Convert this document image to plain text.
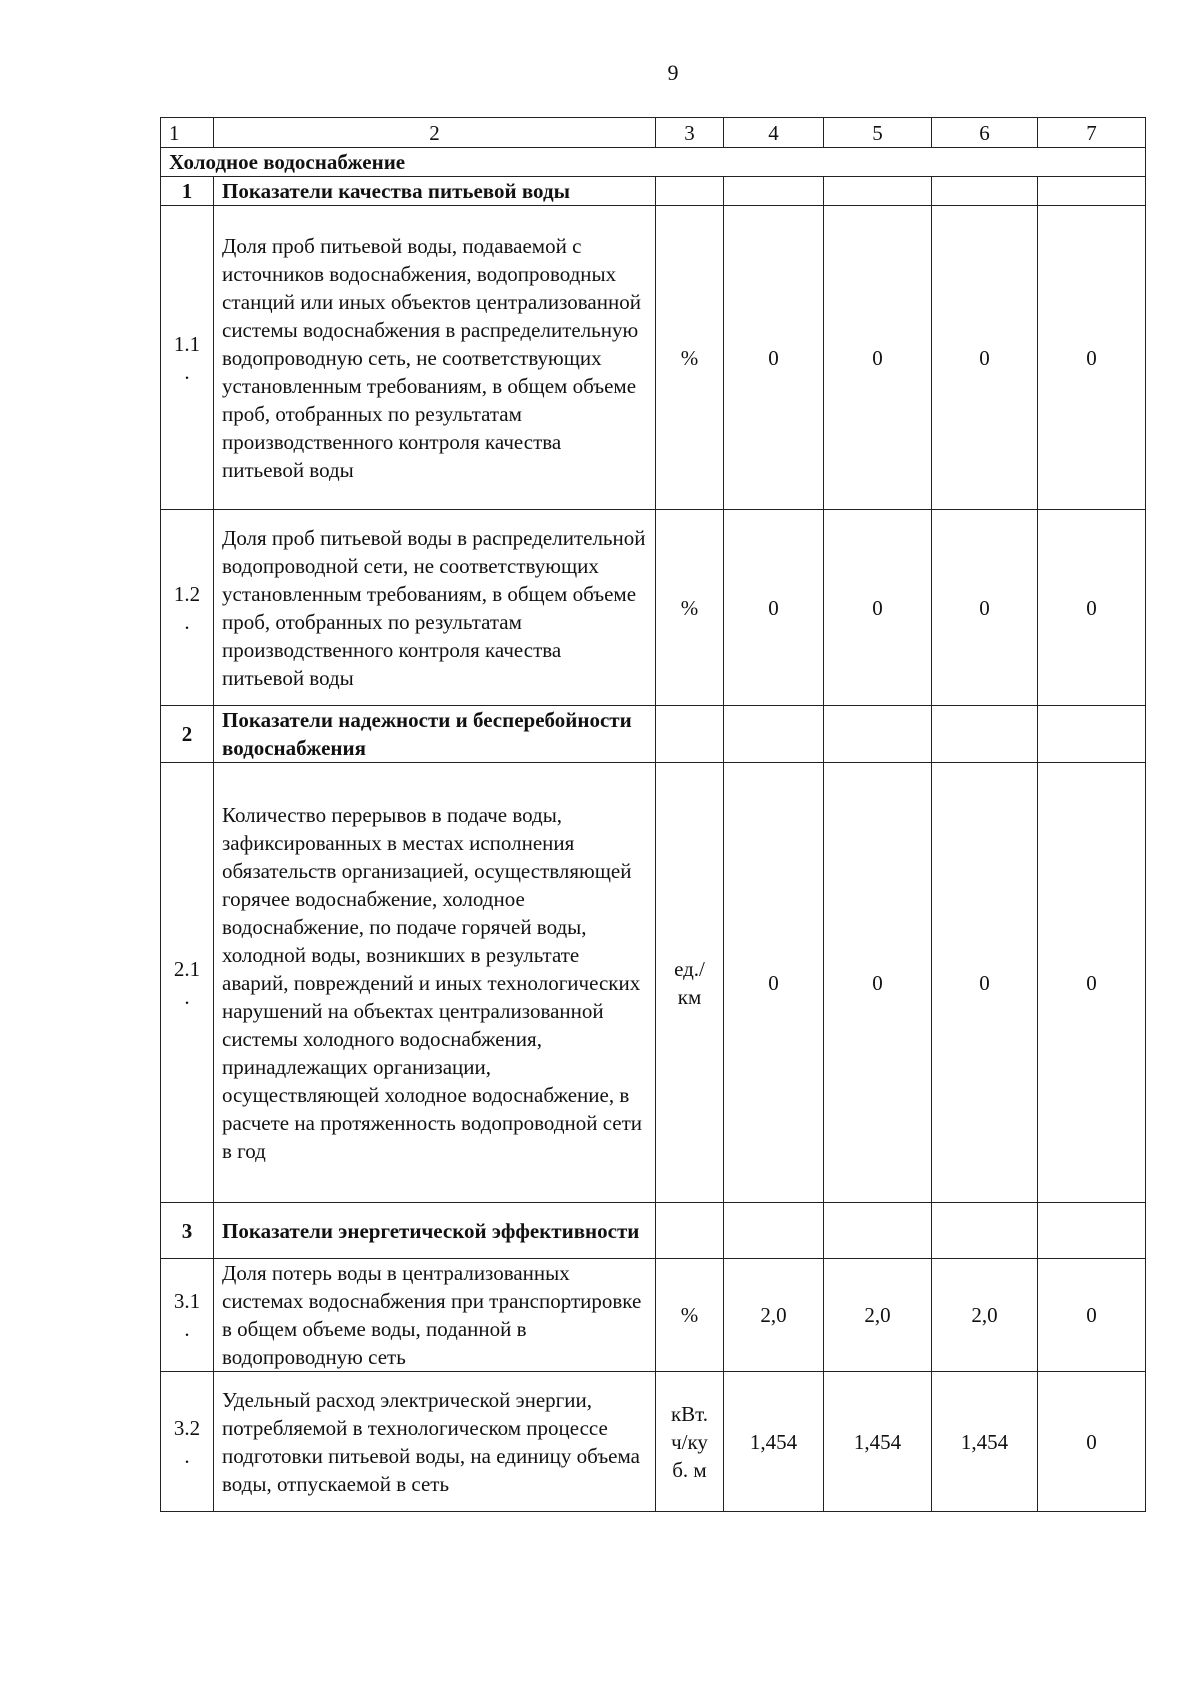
9
1	2	3	4	5	6	7
Холодное водоснабжение						
1	Показатели качества питьевой воды					
1.1
.	Доля проб питьевой воды, подаваемой с источников водоснабжения, водопроводных станций или иных объектов централизованной системы водоснабжения в распределительную водопроводную сеть, не соответствующих установленным требованиям, в общем объеме проб, отобранных по результатам производственного контроля качества питьевой воды	%	0	0	0	0
1.2
.	Доля проб питьевой воды в распределительной водопроводной сети, не соответствующих установленным требованиям, в общем объеме проб, отобранных по результатам производственного контроля качества питьевой воды	%	0	0	0	0
2	Показатели надежности и бесперебойности водоснабжения					
2.1
.	Количество перерывов в подаче воды, зафиксированных в местах исполнения обязательств организацией, осуществляющей горячее водоснабжение, холодное водоснабжение, по подаче горячей воды, холодной воды, возникших в результате аварий, повреждений и иных технологических нарушений на объектах централизованной системы холодного водоснабжения, принадлежащих организации, осуществляющей холодное водоснабжение, в расчете на протяженность водопроводной сети в год	ед./
км	0	0	0	0
3	Показатели энергетической эффективности					
3.1
.	Доля потерь воды в централизованных системах водоснабжения при транспортировке в общем объеме воды, поданной в водопроводную сеть	%	2,0	2,0	2,0	0
3.2
.	Удельный расход электрической энергии, потребляемой в технологическом процессе подготовки питьевой воды, на единицу объема воды, отпускаемой в сеть	кВт.
ч/ку
б. м	1,454	1,454	1,454	0
